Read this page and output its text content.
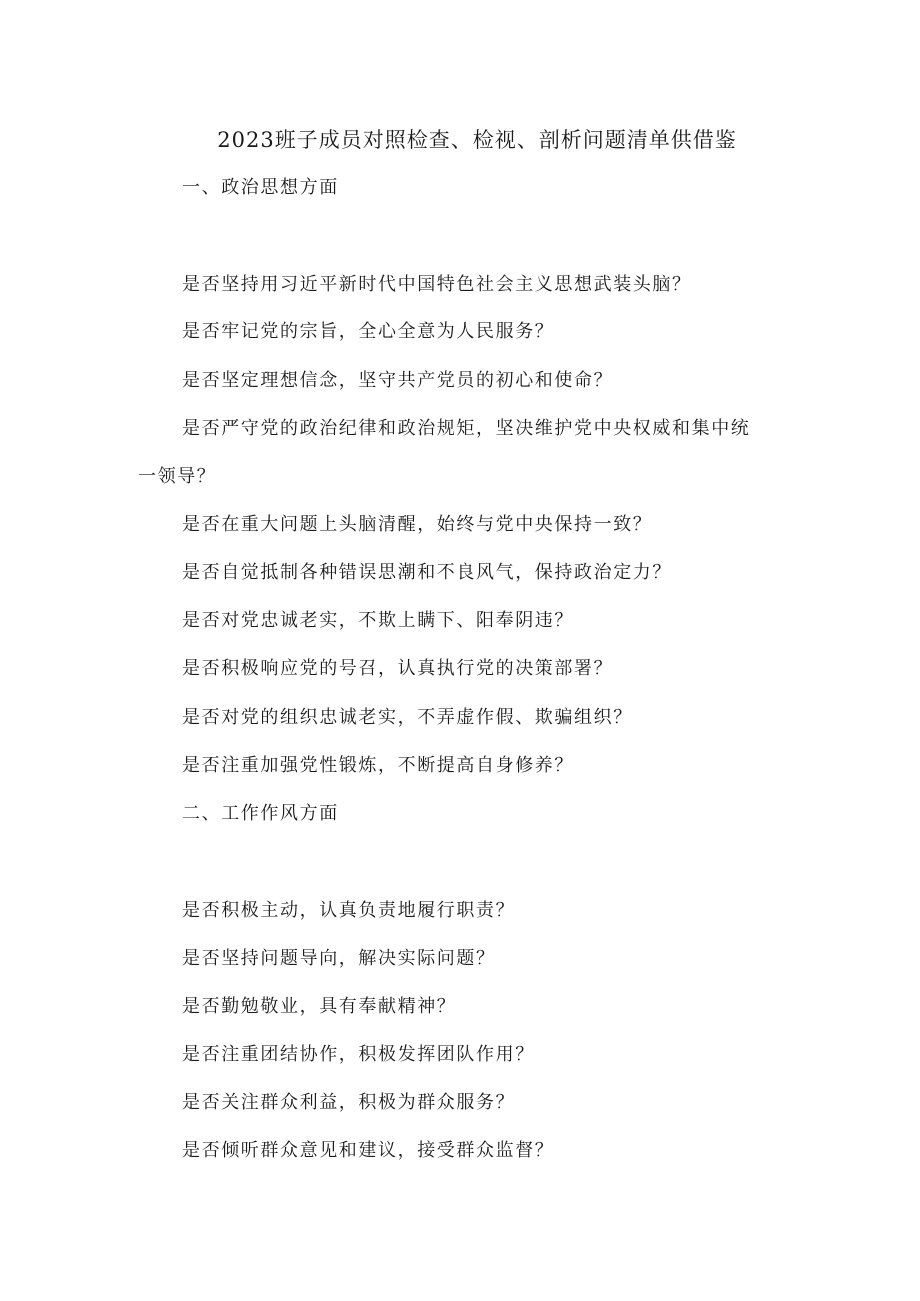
2023班子成员对照检查、检视、剖析问题清单供借鉴
一、政治思想方面
是否坚持用习近平新时代中国特色社会主义思想武装头脑？
是否牢记党的宗旨，全心全意为人民服务？
是否坚定理想信念，坚守共产党员的初心和使命？
是否严守党的政治纪律和政治规矩，坚决维护党中央权威和集中统
一领导？
是否在重大问题上头脑清醒，始终与党中央保持一致？
是否自觉抵制各种错误思潮和不良风气，保持政治定力？
是否对党忠诚老实，不欺上瞒下、阳奉阴违？
是否积极响应党的号召，认真执行党的决策部署？
是否对党的组织忠诚老实，不弄虚作假、欺骗组织？
是否注重加强党性锻炼，不断提高自身修养？
二、工作作风方面
是否积极主动，认真负责地履行职责？
是否坚持问题导向，解决实际问题？
是否勤勉敬业，具有奉献精神？
是否注重团结协作，积极发挥团队作用？
是否关注群众利益，积极为群众服务？
是否倾听群众意见和建议，接受群众监督？
